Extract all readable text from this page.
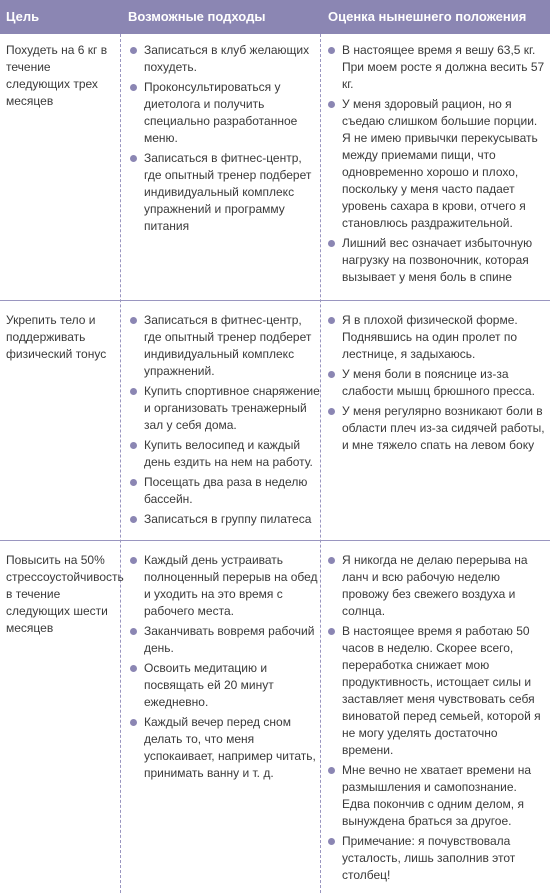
Цель	Возможные подходы	Оценка нынешнего положения
Похудеть на 6 кг в течение следующих трех месяцев
Записаться в клуб желающих похудеть.
Проконсультироваться у диетолога и получить специально разработанное меню.
Записаться в фитнес-центр, где опытный тренер подберет индивидуальный комплекс упражнений и программу питания
В настоящее время я вешу 63,5 кг. При моем росте я должна весить 57 кг.
У меня здоровый рацион, но я съедаю слишком большие порции. Я не имею привычки перекусывать между приемами пищи, что одновременно хорошо и плохо, поскольку у меня часто падает уровень сахара в крови, отчего я становлюсь раздражительной.
Лишний вес означает избыточную нагрузку на позвоночник, которая вызывает у меня боль в спине
Укрепить тело и поддерживать физический тонус
Записаться в фитнес-центр, где опытный тренер подберет индивидуальный комплекс упражнений.
Купить спортивное снаряжение и организовать тренажерный зал у себя дома.
Купить велосипед и каждый день ездить на нем на работу.
Посещать два раза в неделю бассейн.
Записаться в группу пилатеса
Я в плохой физической форме. Поднявшись на один пролет по лестнице, я задыхаюсь.
У меня боли в пояснице из-за слабости мышц брюшного пресса.
У меня регулярно возникают боли в области плеч из-за сидячей работы, и мне тяжело спать на левом боку
Повысить на 50% стрессоустойчивость в течение следующих шести месяцев
Каждый день устраивать полноценный перерыв на обед и уходить на это время с рабочего места.
Заканчивать вовремя рабочий день.
Освоить медитацию и посвящать ей 20 минут ежедневно.
Каждый вечер перед сном делать то, что меня успокаивает, например читать, принимать ванну и т. д.
Я никогда не делаю перерыва на ланч и всю рабочую неделю провожу без свежего воздуха и солнца.
В настоящее время я работаю 50 часов в неделю. Скорее всего, переработка снижает мою продуктивность, истощает силы и заставляет меня чувствовать себя виноватой перед семьей, которой я не могу уделять достаточно времени.
Мне вечно не хватает времени на размышления и самопознание. Едва покончив с одним делом, я вынуждена браться за другое.
Примечание: я почувствовала усталость, лишь заполнив этот столбец!
